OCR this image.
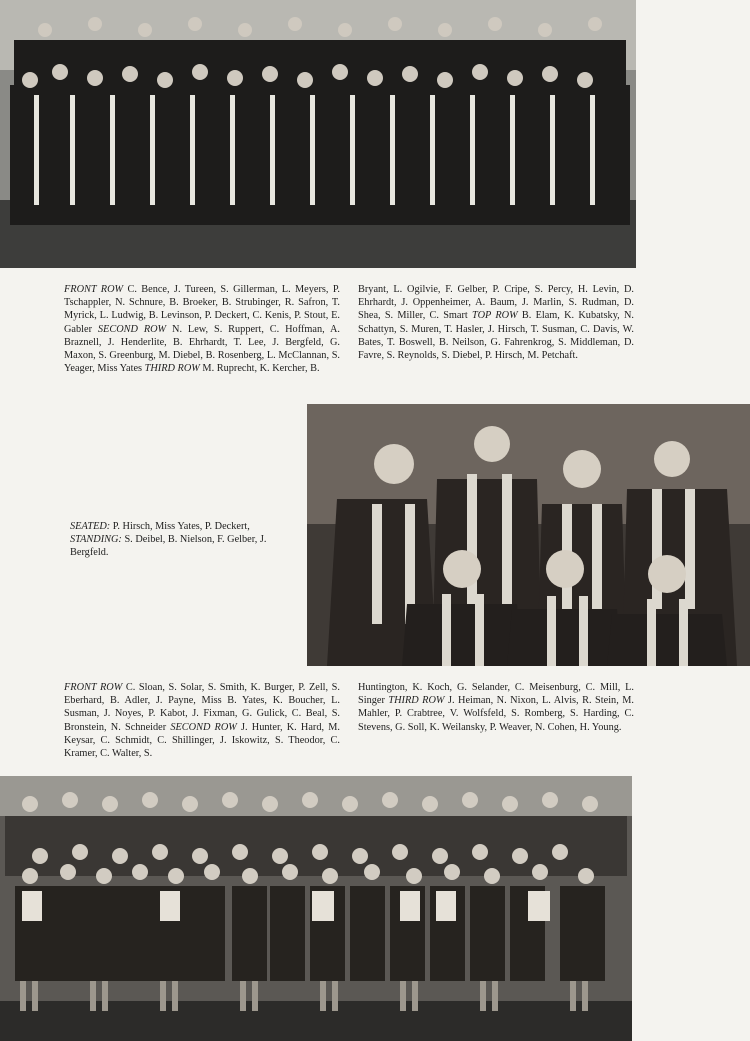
FRONT ROW C. Bence, J. Tureen, S. Gillerman, L. Meyers, P. Tschappler, N. Schnure, B. Broeker, B. Strubinger, R. Safron, T. Myrick, L. Ludwig, B. Levinson, P. Deckert, C. Kenis, P. Stout, E. Gabler SECOND ROW N. Lew, S. Ruppert, C. Hoffman, A. Braznell, J. Henderlite, B. Ehrhardt, T. Lee, J. Bergfeld, G. Maxon, S. Greenburg, M. Diebel, B. Rosenberg, L. McClannan, S. Yeager, Miss Yates THIRD ROW M. Ruprecht, K. Kercher, B.

Bryant, L. Ogilvie, F. Gelber, P. Cripe, S. Percy, H. Levin, D. Ehrhardt, J. Oppenheimer, A. Baum, J. Marlin, S. Rudman, D. Shea, S. Miller, C. Smart TOP ROW B. Elam, K. Kubatsky, N. Schattyn, S. Muren, T. Hasler, J. Hirsch, T. Susman, C. Davis, W. Bates, T. Boswell, B. Neilson, G. Fahrenkrog, S. Middleman, D. Favre, S. Reynolds, S. Diebel, P. Hirsch, M. Petchaft.

SEATED: P. Hirsch, Miss Yates, P. Deckert, STANDING: S. Deibel, B. Nielson, F. Gelber, J. Bergfeld.

FRONT ROW C. Sloan, S. Solar, S. Smith, K. Burger, P. Zell, S. Eberhard, B. Adler, J. Payne, Miss B. Yates, K. Boucher, L. Susman, J. Noyes, P. Kabot, J. Fixman, G. Gulick, C. Beal, S. Bronstein, N. Schneider SECOND ROW J. Hunter, K. Hard, M. Keysar, C. Schmidt, C. Shillinger, J. Iskowitz, S. Theodor, C. Kramer, C. Walter, S.

Huntington, K. Koch, G. Selander, C. Meisenburg, C. Mill, L. Singer THIRD ROW J. Heiman, N. Nixon, L. Alvis, R. Stein, M. Mahler, P. Crabtree, V. Wolfsfeld, S. Romberg, S. Harding, C. Stevens, G. Soll, K. Weilansky, P. Weaver, N. Cohen, H. Young.
